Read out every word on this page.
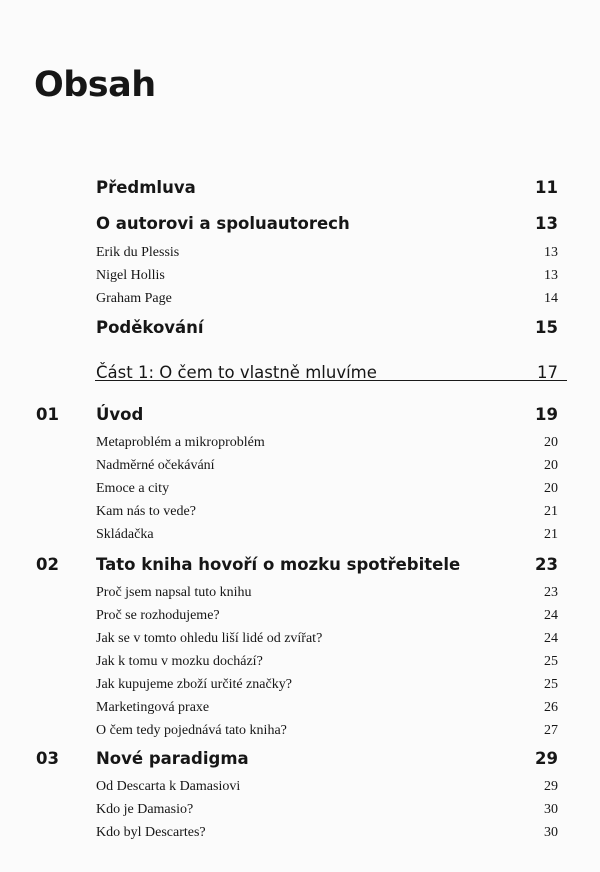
Obsah
Předmluva	11
O autorovi a spoluautorech	13
Erik du Plessis	13
Nigel Hollis	13
Graham Page	14
Poděkování	15
Část 1: O čem to vlastně mluvíme	17
01 Úvod	19
Metaproblém a mikroproblém	20
Nadměrné očekávání	20
Emoce a city	20
Kam nás to vede?	21
Skládačka	21
02 Tato kniha hovoří o mozku spotřebitele	23
Proč jsem napsal tuto knihu	23
Proč se rozhodujeme?	24
Jak se v tomto ohledu liší lidé od zvířat?	24
Jak k tomu v mozku dochází?	25
Jak kupujeme zboží určité značky?	25
Marketingová praxe	26
O čem tedy pojednává tato kniha?	27
03 Nové paradigma	29
Od Descarta k Damasiovi	29
Kdo je Damasio?	30
Kdo byl Descartes?	30
